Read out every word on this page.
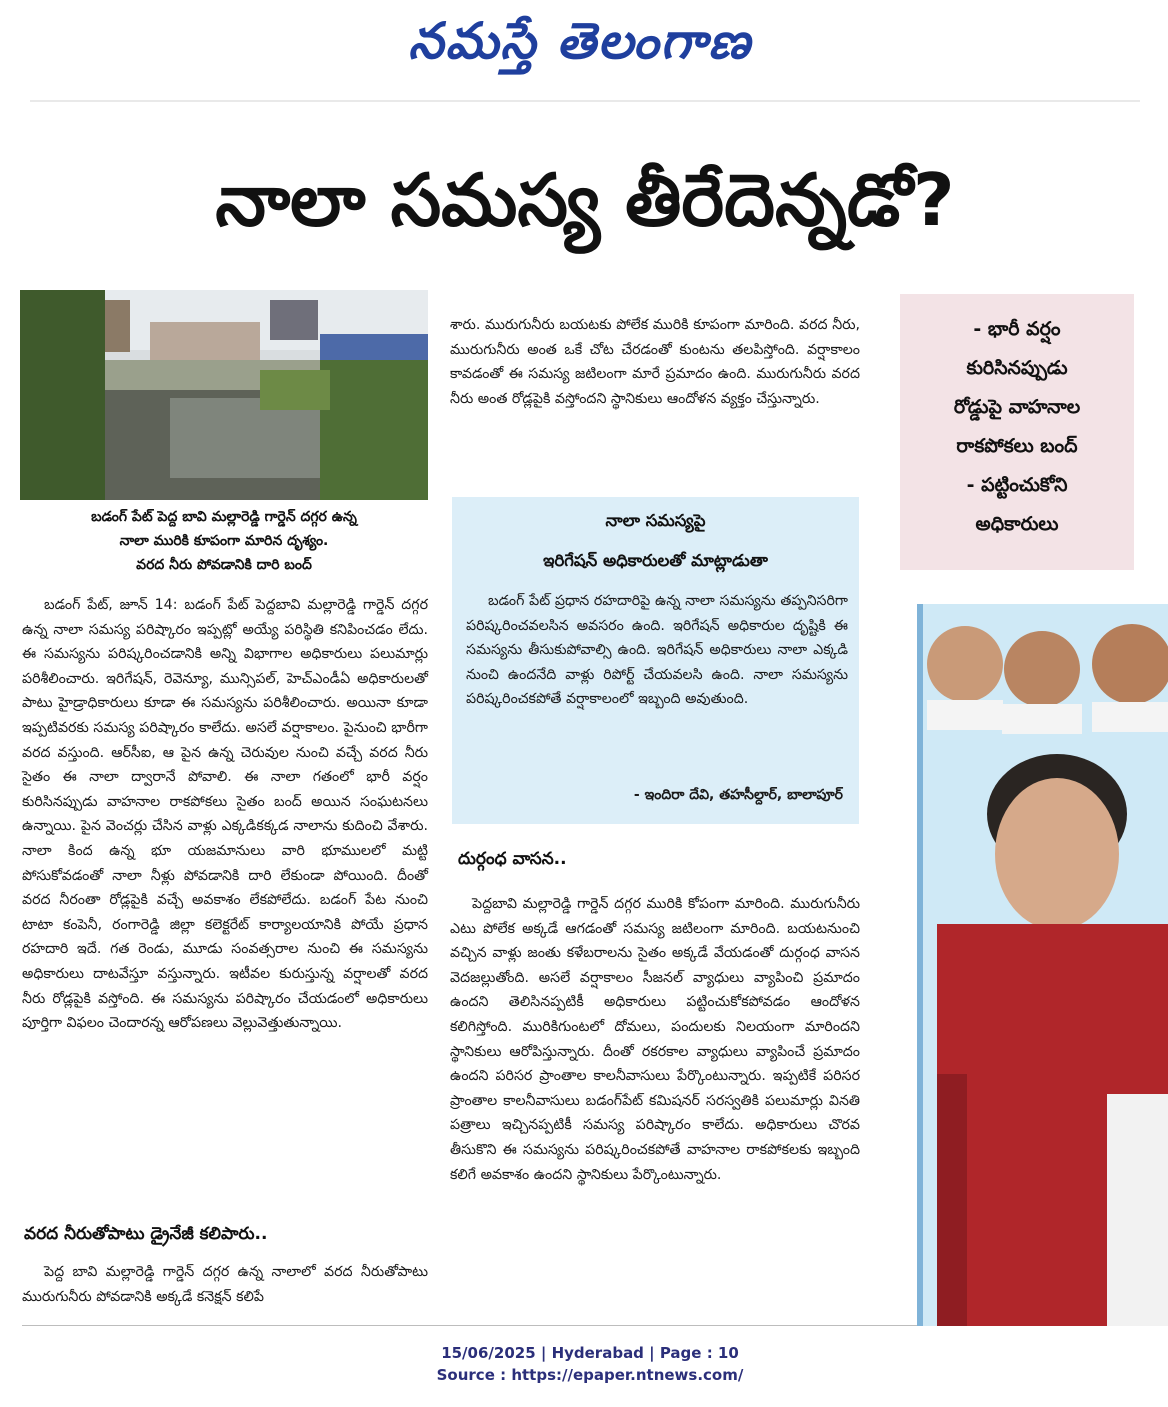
నమస్తే తెలంగాణ
నాలా సమస్య తీరేదెన్నడో?
బడంగ్ పేట్ పెద్ద బావి మల్లారెడ్డి గార్డెన్ దగ్గర ఉన్న
నాలా మురికి కూపంగా మారిన దృశ్యం.
వరద నీరు పోవడానికి దారి బంద్

బడంగ్ పేట్, జూన్ 14: బడంగ్ పేట్ పెద్దబావి మల్లారెడ్డి గార్డెన్ దగ్గర ఉన్న నాలా సమస్య పరిష్కారం ఇప్పట్లో అయ్యే పరిస్థితి కనిపించడం లేదు. ఈ సమస్యను పరిష్కరించడానికి అన్ని విభాగాల అధికారులు పలుమార్లు పరిశీలించారు. ఇరిగేషన్, రెవెన్యూ, మున్సిపల్, హెచ్ఎండీఏ అధికారులతో పాటు హైడ్రాధికారులు కూడా ఈ సమస్యను పరిశీలించారు. అయినా కూడా ఇప్పటివరకు సమస్య పరిష్కారం కాలేదు. అసలే వర్షాకాలం. పైనుంచి భారీగా వరద వస్తుంది. ఆర్‌సీఐ, ఆ పైన ఉన్న చెరువుల నుంచి వచ్చే వరద నీరు సైతం ఈ నాలా ద్వారానే పోవాలి. ఈ నాలా గతంలో భారీ వర్షం కురిసినప్పుడు వాహనాల రాకపోకలు సైతం బంద్ అయిన సంఘటనలు ఉన్నాయి. పైన వెంచర్లు చేసిన వాళ్లు ఎక్కడికక్కడ నాలాను కుదించి వేశారు. నాలా కింద ఉన్న భూ యజమానులు వారి భూములలో మట్టి పోసుకోవడంతో నాలా నీళ్లు పోవడానికి దారి లేకుండా పోయింది. దీంతో వరద నీరంతా రోడ్లపైకి వచ్చే అవకాశం లేకపోలేదు. బడంగ్ పేట నుంచి టాటా కంపెనీ, రంగారెడ్డి జిల్లా కలెక్టరేట్ కార్యాలయానికి పోయే ప్రధాన రహదారి ఇదే. గత రెండు, మూడు సంవత్సరాల నుంచి ఈ సమస్యను అధికారులు దాటవేస్తూ వస్తున్నారు. ఇటీవల కురుస్తున్న వర్షాలతో వరద నీరు రోడ్లపైకి వస్తోంది. ఈ సమస్యను పరిష్కారం చేయడంలో అధికారులు పూర్తిగా విఫలం చెందారన్న ఆరోపణలు వెల్లువెత్తుతున్నాయి.

వరద నీరుతోపాటు డ్రైనేజీ కలిపారు..

పెద్ద బావి మల్లారెడ్డి గార్డెన్ దగ్గర ఉన్న నాలాలో వరద నీరుతోపాటు మురుగునీరు పోవడానికి అక్కడే కనెక్షన్ కలిపే

శారు. మురుగునీరు బయటకు పోలేక మురికి కూపంగా మారింది. వరద నీరు, మురుగునీరు అంత ఒకే చోట చేరడంతో కుంటను తలపిస్తోంది. వర్షాకాలం కావడంతో ఈ సమస్య జటిలంగా మారే ప్రమాదం ఉంది. మురుగునీరు వరద నీరు అంత రోడ్లపైకి వస్తోందని స్థానికులు ఆందోళన వ్యక్తం చేస్తున్నారు.

నాలా సమస్యపై
ఇరిగేషన్ అధికారులతో మాట్లాడుతా

బడంగ్ పేట్ ప్రధాన రహదారిపై ఉన్న నాలా సమస్యను తప్పనిసరిగా పరిష్కరించవలసిన అవసరం ఉంది. ఇరిగేషన్ అధికారుల దృష్టికి ఈ సమస్యను తీసుకుపోవాల్సి ఉంది. ఇరిగేషన్ అధికారులు నాలా ఎక్కడి నుంచి ఉందనేది వాళ్లు రిపోర్ట్ చేయవలసి ఉంది. నాలా సమస్యను పరిష్కరించకపోతే వర్షాకాలంలో ఇబ్బంది అవుతుంది.

- ఇందిరా దేవి, తహసీల్దార్, బాలాపూర్
దుర్గంధ వాసన..

పెద్దబావి మల్లారెడ్డి గార్డెన్ దగ్గర మురికి కోపంగా మారింది. మురుగునీరు ఎటు పోలేక అక్కడే ఆగడంతో సమస్య జటిలంగా మారింది. బయటనుంచి వచ్చిన వాళ్లు జంతు కళేబరాలను సైతం అక్కడే వేయడంతో దుర్గంధ వాసన వెదజల్లుతోంది. అసలే వర్షాకాలం సీజనల్ వ్యాధులు వ్యాపించి ప్రమాదం ఉందని తెలిసినప్పటికీ అధికారులు పట్టించుకోకపోవడం ఆందోళన కలిగిస్తోంది. మురికిగుంటలో దోమలు, పందులకు నిలయంగా మారిందని స్థానికులు ఆరోపిస్తున్నారు. దీంతో రకరకాల వ్యాధులు వ్యాపించే ప్రమాదం ఉందని పరిసర ప్రాంతాల కాలనీవాసులు పేర్కొంటున్నారు. ఇప్పటికే పరిసర ప్రాంతాల కాలనీవాసులు బడంగ్‌పేట్ కమిషనర్ సరస్వతికి పలుమార్లు వినతి పత్రాలు ఇచ్చినప్పటికీ సమస్య పరిష్కారం కాలేదు. అధికారులు చొరవ తీసుకొని ఈ సమస్యను పరిష్కరించకపోతే వాహనాల రాకపోకలకు ఇబ్బంది కలిగే అవకాశం ఉందని స్థానికులు పేర్కొంటున్నారు.

- భారీ వర్షం
కురిసినప్పుడు
రోడ్డుపై వాహనాల
రాకపోకలు బంద్
- పట్టించుకోని
అధికారులు
15/06/2025 | Hyderabad | Page : 10
Source : https://epaper.ntnews.com/
